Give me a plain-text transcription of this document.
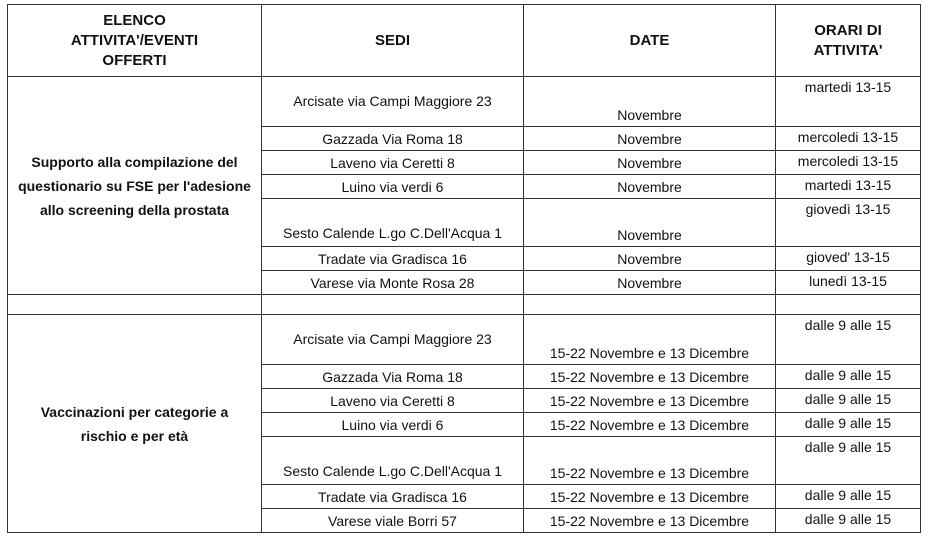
ELENCO ATTIVITA'/EVENTI OFFERTI	SEDI	DATE	ORARI DI ATTIVITA'
Supporto alla compilazione del questionario su FSE per l'adesione allo screening della prostata	Arcisate via Campi Maggiore 23	Novembre	martedi 13-15
	Gazzada Via Roma 18	Novembre	mercoledi 13-15
	Laveno via Ceretti 8	Novembre	mercoledi 13-15
	Luino via verdi 6	Novembre	martedi 13-15
	Sesto Calende L.go C.Dell'Acqua 1	Novembre	giovedì 13-15
	Tradate via Gradisca 16	Novembre	gioved' 13-15
	Varese via Monte Rosa 28	Novembre	lunedì 13-15

Vaccinazioni per categorie a rischio e per età	Arcisate via Campi Maggiore 23	15-22 Novembre e 13 Dicembre	dalle 9 alle 15
	Gazzada Via Roma 18	15-22 Novembre e 13 Dicembre	dalle 9 alle 15
	Laveno via Ceretti 8	15-22 Novembre e 13 Dicembre	dalle 9 alle 15
	Luino via verdi 6	15-22 Novembre e 13 Dicembre	dalle 9 alle 15
	Sesto Calende L.go C.Dell'Acqua 1	15-22 Novembre e 13 Dicembre	dalle 9 alle 15
	Tradate via Gradisca 16	15-22 Novembre e 13 Dicembre	dalle 9 alle 15
	Varese viale Borri 57	15-22 Novembre e 13 Dicembre	dalle 9 alle 15
